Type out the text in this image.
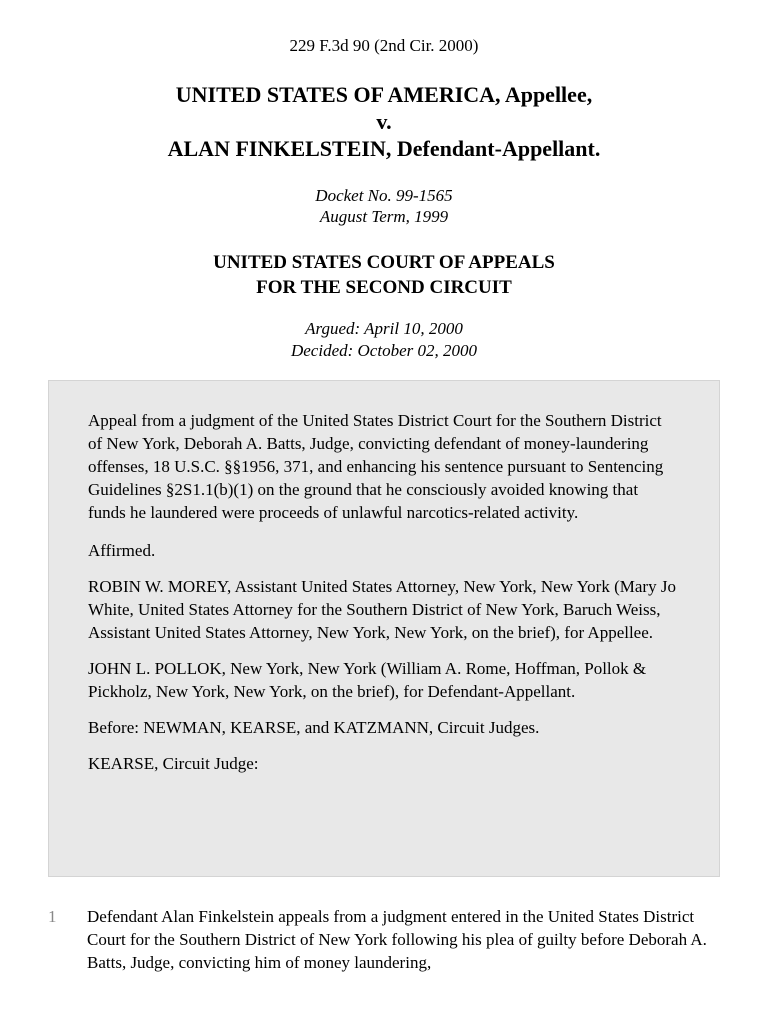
229 F.3d 90 (2nd Cir. 2000)
UNITED STATES OF AMERICA, Appellee,
v.
ALAN FINKELSTEIN, Defendant-Appellant.
Docket No. 99-1565
August Term, 1999
UNITED STATES COURT OF APPEALS
FOR THE SECOND CIRCUIT
Argued: April 10, 2000
Decided: October 02, 2000

Appeal from a judgment of the United States District Court for the Southern District of New York, Deborah A. Batts, Judge, convicting defendant of money-laundering offenses, 18 U.S.C. §§1956, 371, and enhancing his sentence pursuant to Sentencing Guidelines §2S1.1(b)(1) on the ground that he consciously avoided knowing that funds he laundered were proceeds of unlawful narcotics-related activity.

Affirmed.

ROBIN W. MOREY, Assistant United States Attorney, New York, New York (Mary Jo White, United States Attorney for the Southern District of New York, Baruch Weiss, Assistant United States Attorney, New York, New York, on the brief), for Appellee.

JOHN L. POLLOK, New York, New York (William A. Rome, Hoffman, Pollok & Pickholz, New York, New York, on the brief), for Defendant-Appellant.

Before: NEWMAN, KEARSE, and KATZMANN, Circuit Judges.

KEARSE, Circuit Judge:

1 Defendant Alan Finkelstein appeals from a judgment entered in the United States District Court for the Southern District of New York following his plea of guilty before Deborah A. Batts, Judge, convicting him of money laundering,
